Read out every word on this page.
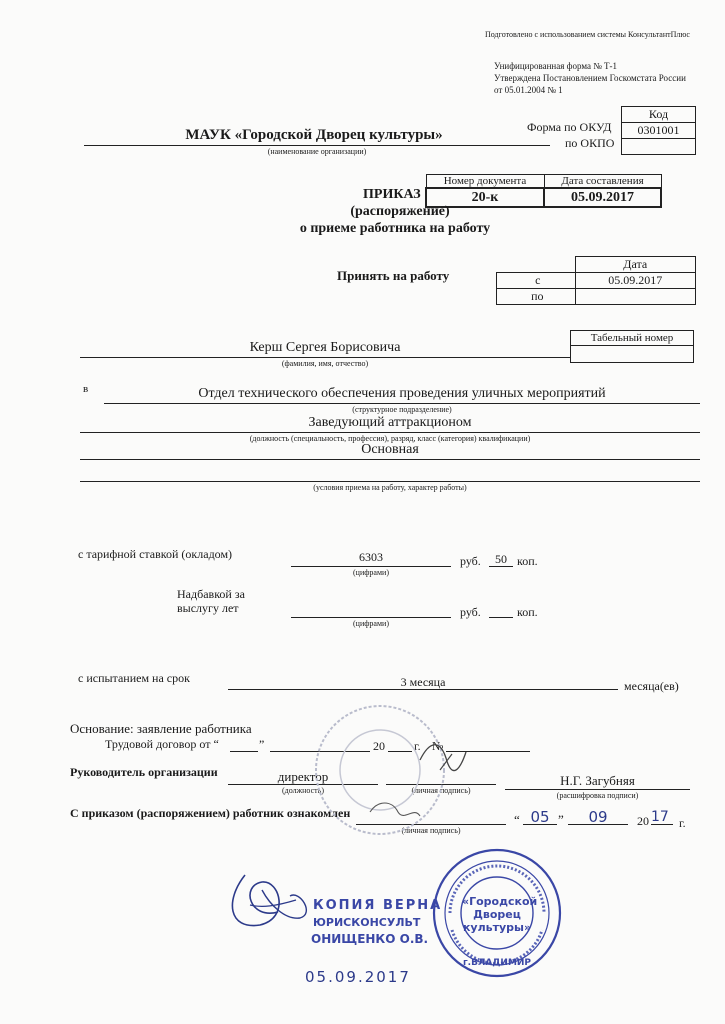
Подготовлено с использованием системы КонсультантПлюс
Унифицированная форма № Т-1
Утверждена Постановлением Госкомстата России
от 05.01.2004 № 1
Код
0301001

Форма по ОКУД
по ОКПО
МАУК «Городской Дворец культуры»
(наименование организации)
Номер документа	Дата составления
20-к	05.09.2017
ПРИКАЗ
(распоряжение)
о приеме работника на работу
Принять на работу
	Дата
с	05.09.2017
по	
Табельный номер

Керш Сергея Борисовича
(фамилия, имя, отчество)
в	Отдел технического обеспечения проведения уличных мероприятий
(структурное подразделение)
Заведующий аттракционом
(должность (специальность, профессия), разряд, класс (категория) квалификации)
Основная
(условия приема на работу, характер работы)
с тарифной ставкой (окладом)	6303
(цифрами)
руб.	50 коп.
Надбавкой за
выслугу лет
(цифрами)
руб.	коп.
с испытанием на срок	3 месяца	месяца(ев)
Основание: заявление работника
Трудовой договор от “	”	20 г. №
Руководитель организации	директор
(должность)	(личная подпись)
Н.Г. Загубняя
(расшифровка подписи)
С приказом (распоряжением) работник ознакомлен
(личная подпись)
“ 05 ”	09	20 17 г.
КОПИЯ ВЕРНА
ЮРИСКОНСУЛЬТ
ОНИЩЕНКО О.В.
05.09.2017
«Городской
Дворец
культуры»
г.ВЛАДИМИР
